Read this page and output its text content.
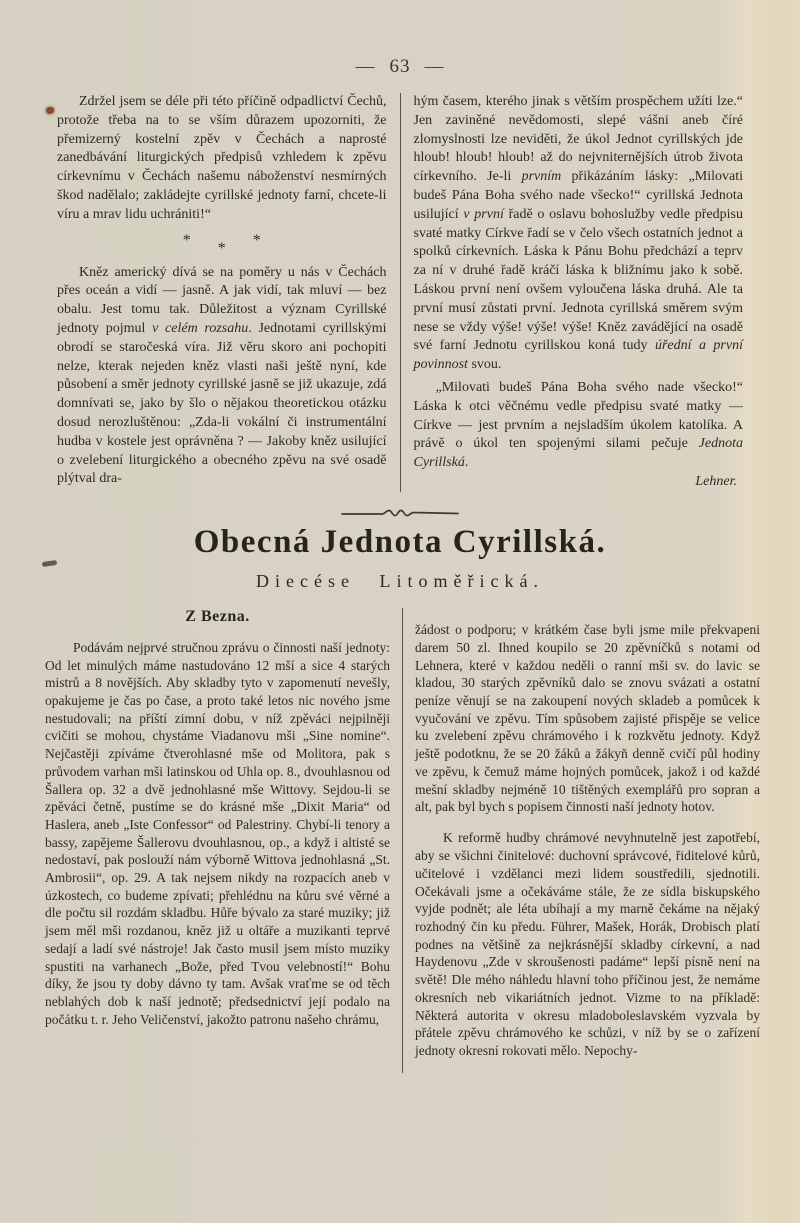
— 63 —

Zdržel jsem se déle při této příčině odpadlictví Čechů, protože třeba na to se vším důrazem upozorniti, že přemizerný kostelní zpěv v Čechách a naprosté zanedbávání liturgických předpisů vzhledem k zpěvu církevnímu v Čechách našemu náboženství nesmírných škod nadělalo; zakládejte cyrillské jednoty farní, chcete-li víru a mrav lidu uchrániti!“

* * *

Kněz americký dívá se na poměry u nás v Čechách přes oceán a vidí — jasně. A jak vidí, tak mluví — bez obalu. Jest tomu tak. Důležitost a význam Cyrillské jednoty pojmul v celém rozsahu. Jednotami cyrillskými obrodí se staročeská víra. Již věru skoro ani pochopiti nelze, kterak nejeden kněz vlasti naši ještě nyní, kde působení a směr jednoty cyrillské jasně se již ukazuje, zdá domnívati se, jako by šlo o nějakou theoretickou otázku dosud nerozluštěnou: „Zda-li vokální či instrumentální hudba v kostele jest oprávněna ? — Jakoby kněz usilující o zvelebení liturgického a obecného zpěvu na své osadě plýtval dra-

hým časem, kterého jinak s větším prospěchem užíti lze.“ Jen zaviněné nevědomosti, slepé vášni aneb číré zlomyslnosti lze neviděti, že úkol Jednot cyrillských jde hloub! hloub! hloub! až do nejvniternějších útrob života církevního. Je-li prvním přikázáním lásky: „Milovati budeš Pána Boha svého nade všecko!“ cyrillská Jednota usilující v první řadě o oslavu bohoslužby vedle předpisu svaté matky Církve řadí se v čelo všech ostatních jednot a spolků církevních. Láska k Pánu Bohu předchází a teprv za ní v druhé řadě kráčí láska k bližnímu jako k sobě. Láskou první není ovšem vyloučena láska druhá. Ale ta první musí zůstati první. Jednota cyrillská směrem svým nese se vždy výše! výše! výše! Kněz zavádějící na osadě své farní Jednotu cyrillskou koná tudy úřední a první povinnost svou.

„Milovati budeš Pána Boha svého nade všecko!“ Láska k otci věčnému vedle předpisu svaté matky — Církve — jest prvním a nejsladším úkolem katolíka. A právě o úkol ten spojenými silami pečuje Jednota Cyrillská.

Lehner.
Obecná Jednota Cyrillská.
Diecése Litoměřická.
Z Bezna.

Podávám nejprvé stručnou zprávu o činnosti naší jednoty: Od let minulých máme nastudováno 12 mší a sice 4 starých mistrů a 8 novějších. Aby skladby tyto v zapomenutí nevešly, opakujeme je čas po čase, a proto také letos nic nového jsme nestudovali; na příští zimní dobu, v níž zpěváci nejpilněji cvičiti se mohou, chystáme Viadanovu mši „Sine nomine“. Nejčastěji zpíváme čtverohlasné mše od Molitora, pak s průvodem varhan mši latinskou od Uhla op. 8., dvouhlasnou od Šallera op. 32 a dvě jednohlasné mše Wittovy. Sejdou-li se zpěváci četně, pustíme se do krásné mše „Dixit Maria“ od Haslera, aneb „Iste Confessor“ od Palestriny. Chybí-li tenory a bassy, zapějeme Šallerovu dvouhlasnou, op., a když i altisté se nedostaví, pak poslouží nám výborně Wittova jednohlasná „St. Ambrosii“, op. 29. A tak nejsem nikdy na rozpacích aneb v úzkostech, co budeme zpívati; přehlédnu na kůru své věrné a dle počtu sil rozdám skladbu. Hůře bývalo za staré muziky; již jsem měl mši rozdanou, kněz již u oltáře a muzikanti teprvé sedají a ladí své nástroje! Jak často musil jsem místo muziky spustiti na varhanech „Bože, před Tvou velebností!“ Bohu díky, že jsou ty doby dávno ty tam. Avšak vraťme se od těch neblahých dob k naší jednotě; předsednictví její podalo na počátku t. r. Jeho Veličenství, jakožto patronu našeho chrámu,

žádost o podporu; v krátkém čase byli jsme mile překvapeni darem 50 zl. Ihned koupilo se 20 zpěvníčků s notami od Lehnera, které v každou neděli o ranní mši sv. do lavic se kladou, 30 starých zpěvníků dalo se znovu svázati a ostatní peníze věnují se na zakoupení nových skladeb a pomůcek k vyučování ve zpěvu. Tím spůsobem zajisté přispěje se velice ku zvelebení zpěvu chrámového i k rozkvětu jednoty. Když ještě podotknu, že se 20 žáků a žákyň denně cvičí půl hodiny ve zpěvu, k čemuž máme hojných pomůcek, jakož i od každé mešní skladby nejméně 10 tištěných exemplářů pro sopran a alt, pak byl bych s popisem činnosti naší jednoty hotov.

K reformě hudby chrámové nevyhnutelně jest zapotřebí, aby se všichni činitelové: duchovní správcové, řiditelové kůrů, učitelové i vzdělanci mezi lidem soustředili, sjednotili. Očekávali jsme a očekáváme stále, že ze sídla biskupského vyjde podnět; ale léta ubíhají a my marně čekáme na nějaký rozhodný čin ku předu. Führer, Mašek, Horák, Drobisch platí podnes na většině za nejkrásnější skladby církevní, a nad Haydenovu „Zde v skroušenosti padáme“ lepší písně není na světě! Dle mého náhledu hlavní toho příčinou jest, že nemáme okresních neb vikariátních jednot. Vizme to na příkladě: Některá autorita v okresu mladoboleslavském vyzvala by přátele zpěvu chrámového ke schůzi, v níž by se o zařízení jednoty okresní rokovati mělo. Nepochy-
